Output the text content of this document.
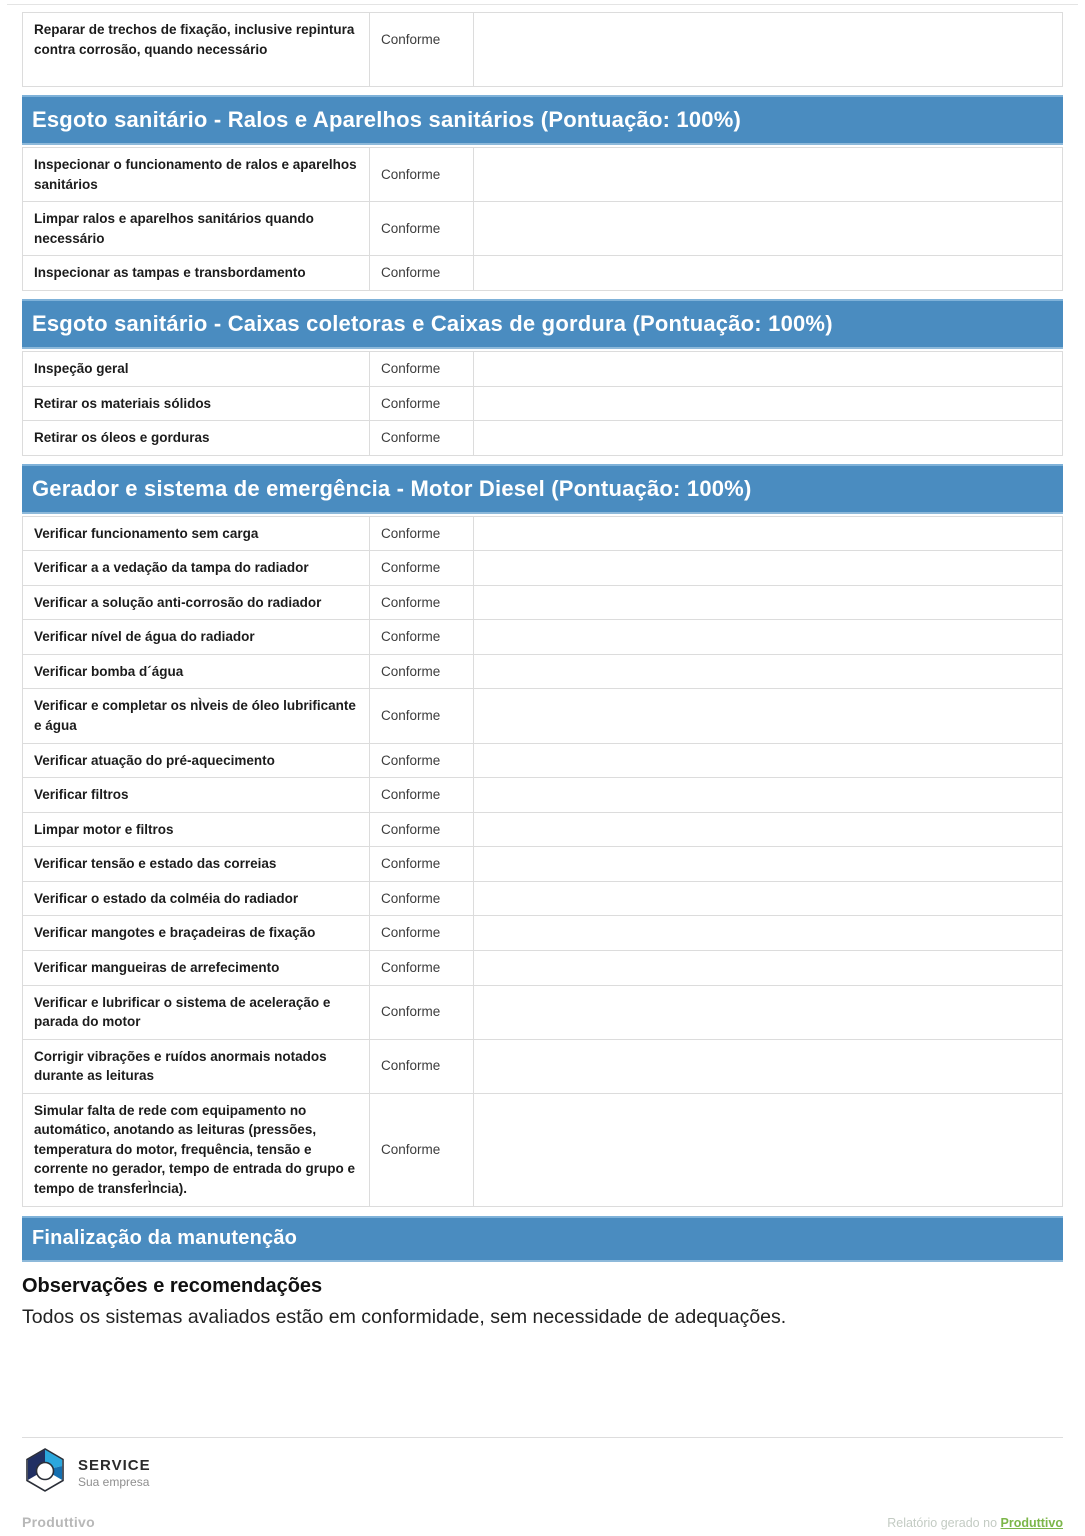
Reparar de trechos de fixação, inclusive repintura contra corrosão, quando necessário	Conforme	
Esgoto sanitário - Ralos e Aparelhos sanitários (Pontuação: 100%)
Inspecionar o funcionamento de ralos e aparelhos sanitários	Conforme	
Limpar ralos e aparelhos sanitários quando necessário	Conforme	
Inspecionar as tampas e transbordamento	Conforme	
Esgoto sanitário - Caixas coletoras e Caixas de gordura (Pontuação: 100%)
Inspeção geral	Conforme	
Retirar os materiais sólidos	Conforme	
Retirar os óleos e gorduras	Conforme	
Gerador e sistema de emergência - Motor Diesel (Pontuação: 100%)
Verificar funcionamento sem carga	Conforme	
Verificar a a vedação da tampa do radiador	Conforme	
Verificar a solução anti-corrosão do radiador	Conforme	
Verificar nível de água do radiador	Conforme	
Verificar bomba d´água	Conforme	
Verificar e completar os nÌveis de óleo lubrificante e água	Conforme	
Verificar atuação do pré-aquecimento	Conforme	
Verificar filtros	Conforme	
Limpar motor e filtros	Conforme	
Verificar tensão e estado das correias	Conforme	
Verificar o estado da colméia do radiador	Conforme	
Verificar mangotes e braçadeiras de fixação	Conforme	
Verificar mangueiras de arrefecimento	Conforme	
Verificar e lubrificar o sistema de aceleração e parada do motor	Conforme	
Corrigir vibrações e ruídos anormais notados durante as leituras	Conforme	
Simular falta de rede com equipamento no automático, anotando as leituras (pressões, temperatura do motor, frequência, tensão e corrente no gerador, tempo de entrada do grupo e tempo de transferÌncia).	Conforme	
Finalização da manutenção
Observações e recomendações
Todos os sistemas avaliados estão em conformidade, sem necessidade de adequações.
SERVICE
Sua empresa
Produttivo	Relatório gerado no Produttivo
